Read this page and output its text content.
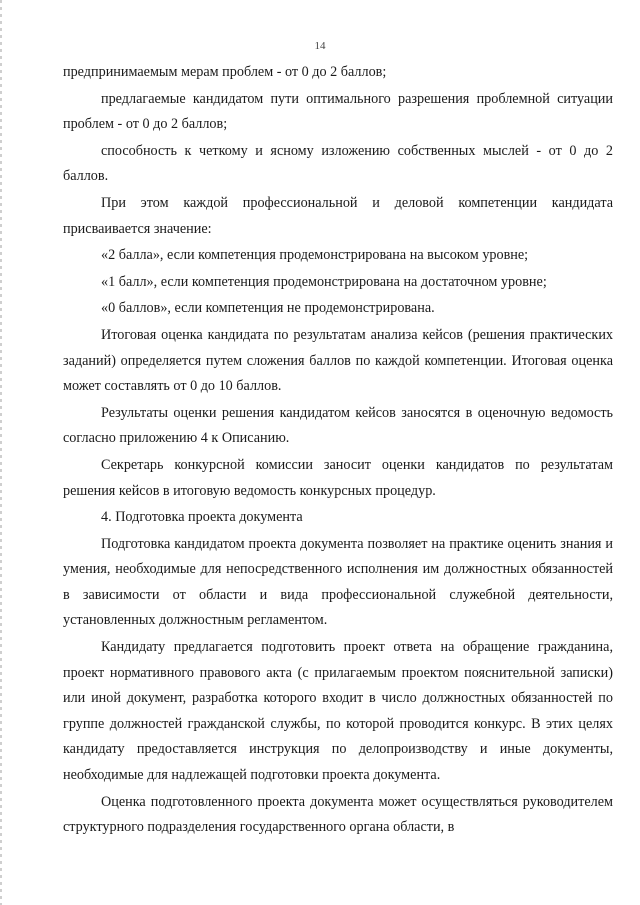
14

предпринимаемым мерам проблем - от 0 до 2 баллов;

предлагаемые кандидатом пути оптимального разрешения проблемной ситуации проблем - от 0 до 2 баллов;

способность к четкому и ясному изложению собственных мыслей - от 0 до 2 баллов.

При этом каждой профессиональной и деловой компетенции кандидата присваивается значение:

«2 балла», если компетенция продемонстрирована на высоком уровне;

«1 балл», если компетенция продемонстрирована на достаточном уровне;

«0 баллов», если компетенция не продемонстрирована.

Итоговая оценка кандидата по результатам анализа кейсов (решения практических заданий) определяется путем сложения баллов по каждой компетенции. Итоговая оценка может составлять от 0 до 10 баллов.

Результаты оценки решения кандидатом кейсов заносятся в оценочную ведомость согласно приложению 4 к Описанию.

Секретарь конкурсной комиссии заносит оценки кандидатов по результатам решения кейсов в итоговую ведомость конкурсных процедур.

4. Подготовка проекта документа

Подготовка кандидатом проекта документа позволяет на практике оценить знания и умения, необходимые для непосредственного исполнения им должностных обязанностей в зависимости от области и вида профессиональной служебной деятельности, установленных должностным регламентом.

Кандидату предлагается подготовить проект ответа на обращение гражданина, проект нормативного правового акта (с прилагаемым проектом пояснительной записки) или иной документ, разработка которого входит в число должностных обязанностей по группе должностей гражданской службы, по которой проводится конкурс. В этих целях кандидату предоставляется инструкция по делопроизводству и иные документы, необходимые для надлежащей подготовки проекта документа.

Оценка подготовленного проекта документа может осуществляться руководителем структурного подразделения государственного органа области, в
